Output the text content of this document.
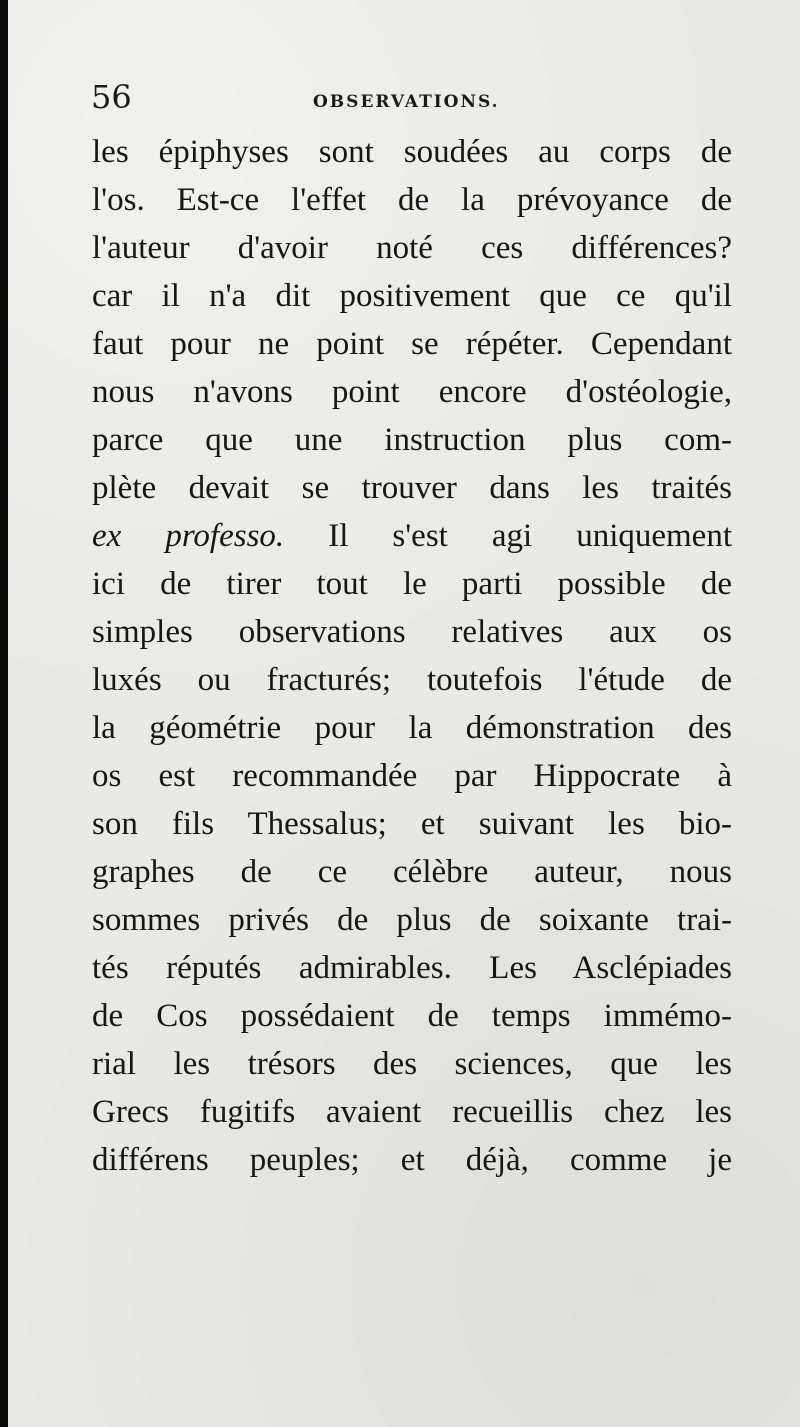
56	OBSERVATIONS.
les épiphyses sont soudées au corps de
l'os. Est-ce l'effet de la prévoyance de
l'auteur d'avoir noté ces différences?
car il n'a dit positivement que ce qu'il
faut pour ne point se répéter. Cependant
nous n'avons point encore d'ostéologie,
parce que une instruction plus com-
plète devait se trouver dans les traités
ex professo. Il s'est agi uniquement
ici de tirer tout le parti possible de
simples observations relatives aux os
luxés ou fracturés; toutefois l'étude de
la géométrie pour la démonstration des
os est recommandée par Hippocrate à
son fils Thessalus; et suivant les bio-
graphes de ce célèbre auteur, nous
sommes privés de plus de soixante trai-
tés réputés admirables. Les Asclépiades
de Cos possédaient de temps immémo-
rial les trésors des sciences, que les
Grecs fugitifs avaient recueillis chez les
différens peuples; et déjà, comme je
